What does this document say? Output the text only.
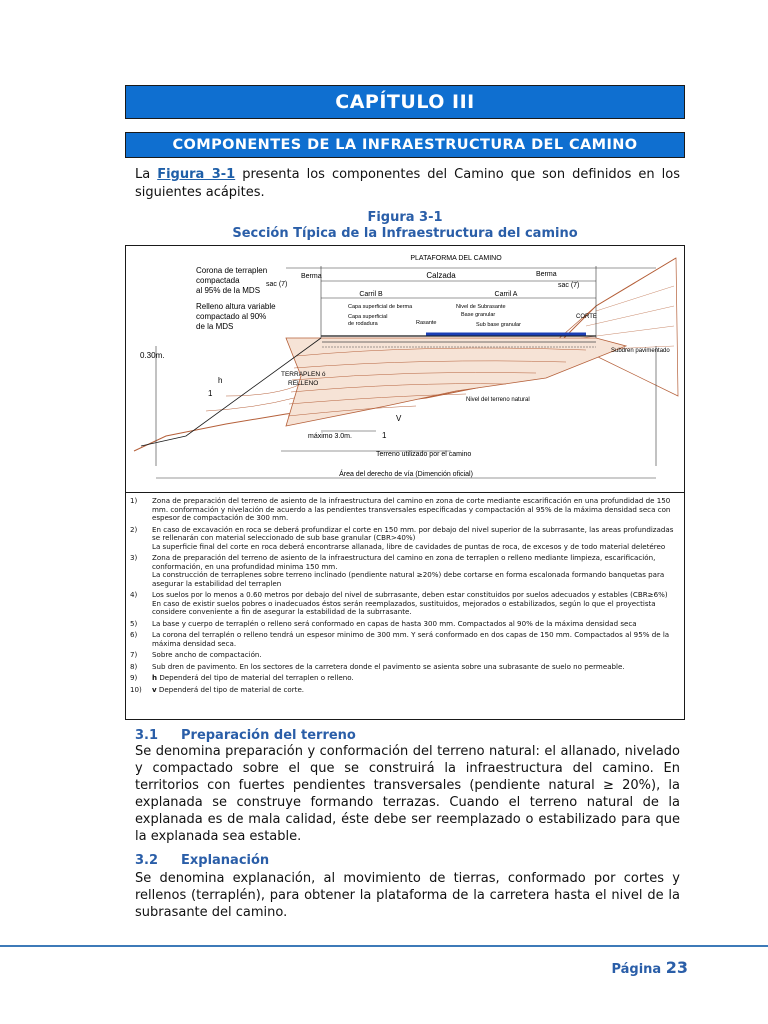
CAPÍTULO III
COMPONENTES DE LA INFRAESTRUCTURA DEL CAMINO
La Figura 3-1 presenta los componentes del Camino que son definidos en los siguientes acápites.
Figura 3-1
Sección Típica de la Infraestructura del camino
PLATAFORMA DEL CAMINO
Calzada
Berma	Berma
sac (7)	sac (7)
Carril B	Carril A
Capa superficial de berma
Capa superficial
de rodadura	Rasante
Nivel de Subrasante
Base granular
Sub base granular
CORTE
Subdren pavimentado
Corona de terraplen
compactada
al 95% de la MDS
Relleno altura variable
compactado al 90%
de la MDS
0.30m.
TERRAPLEN ó
RELLENO
h
1
V
1
máximo 3.0m.
Nivel del terreno natural
Terreno utilizado por el camino
Área del derecho de vía (Dimención oficial)
1)	Zona de preparación del terreno de asiento de la infraestructura del camino en zona de corte mediante escarificación en una profundidad de 150 mm. conformación y nivelación de acuerdo a las pendientes transversales especificadas y compactación al 95% de la máxima densidad seca con espesor de compactación de 300 mm.
2)	En caso de excavación en roca se deberá profundizar el corte en 150 mm. por debajo del nivel superior de la subrrasante, las areas profundizadas se rellenarán con material seleccionado de sub base granular (CBR>40%)
La superficie final del corte en roca deberá encontrarse allanada, libre de cavidades de puntas de roca, de excesos y de todo material deletéreo
3)	Zona de preparación del terreno de asiento de la infraestructura del camino en zona de terraplen o relleno mediante limpieza, escarificación, conformación, en una profundidad minima 150 mm.
La construcción de terraplenes sobre terreno inclinado (pendiente natural ≥20%) debe cortarse en forma escalonada formando banquetas para asegurar la estabilidad del terraplen
4)	Los suelos por lo menos a 0.60 metros por debajo del nivel de subrrasante, deben estar constituidos por suelos adecuados y estables (CBR≥6%)
En caso de existir suelos pobres o inadecuados éstos serán reemplazados, sustituidos, mejorados o estabilizados, según lo que el proyectista considere conveniente a fin de asegurar la estabilidad de la subrrasante.
5)	La base y cuerpo de terraplén o relleno será conformado en capas de hasta 300 mm. Compactados al 90% de la máxima densidad seca
6)	La corona del terraplén o relleno tendrá un espesor minimo de 300 mm. Y será conformado en dos capas de 150 mm. Compactados al 95% de la máxima densidad seca.
7)	Sobre ancho de compactación.
8)	Sub dren de pavimento. En los sectores de la carretera donde el pavimento se asienta sobre una subrasante de suelo no permeable.
9)	h Dependerá del tipo de material del terraplen o relleno.
10)	v Dependerá del tipo de material de corte.
3.1 Preparación del terreno
Se denomina preparación y conformación del terreno natural: el allanado, nivelado y compactado sobre el que se construirá la infraestructura del camino. En territorios con fuertes pendientes transversales (pendiente natural ≥ 20%), la explanada se construye formando terrazas. Cuando el terreno natural de la explanada es de mala calidad, éste debe ser reemplazado o estabilizado para que la explanada sea estable.
3.2 Explanación
Se denomina explanación, al movimiento de tierras, conformado por cortes y rellenos (terraplén), para obtener la plataforma de la carretera hasta el nivel de la subrasante del camino.
Página 23
